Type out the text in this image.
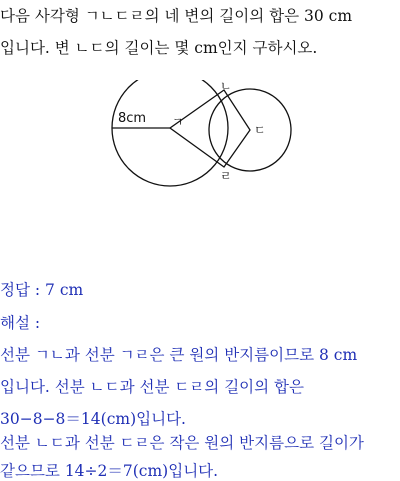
다음 사각형 ㄱㄴㄷㄹ의 네 변의 길이의 합은 30 cm
입니다. 변 ㄴㄷ의 길이는 몇 cm인지 구하시오.
8cm ㄱ
ㄴ
ㄷ
ㄹ
정답 : 7 cm
해설 :
선분 ㄱㄴ과 선분 ㄱㄹ은 큰 원의 반지름이므로 8 cm
입니다. 선분 ㄴㄷ과 선분 ㄷㄹ의 길이의 합은
30−8−8＝14(cm)입니다.
선분 ㄴㄷ과 선분 ㄷㄹ은 작은 원의 반지름으로 길이가
같으므로 14÷2＝7(cm)입니다.
